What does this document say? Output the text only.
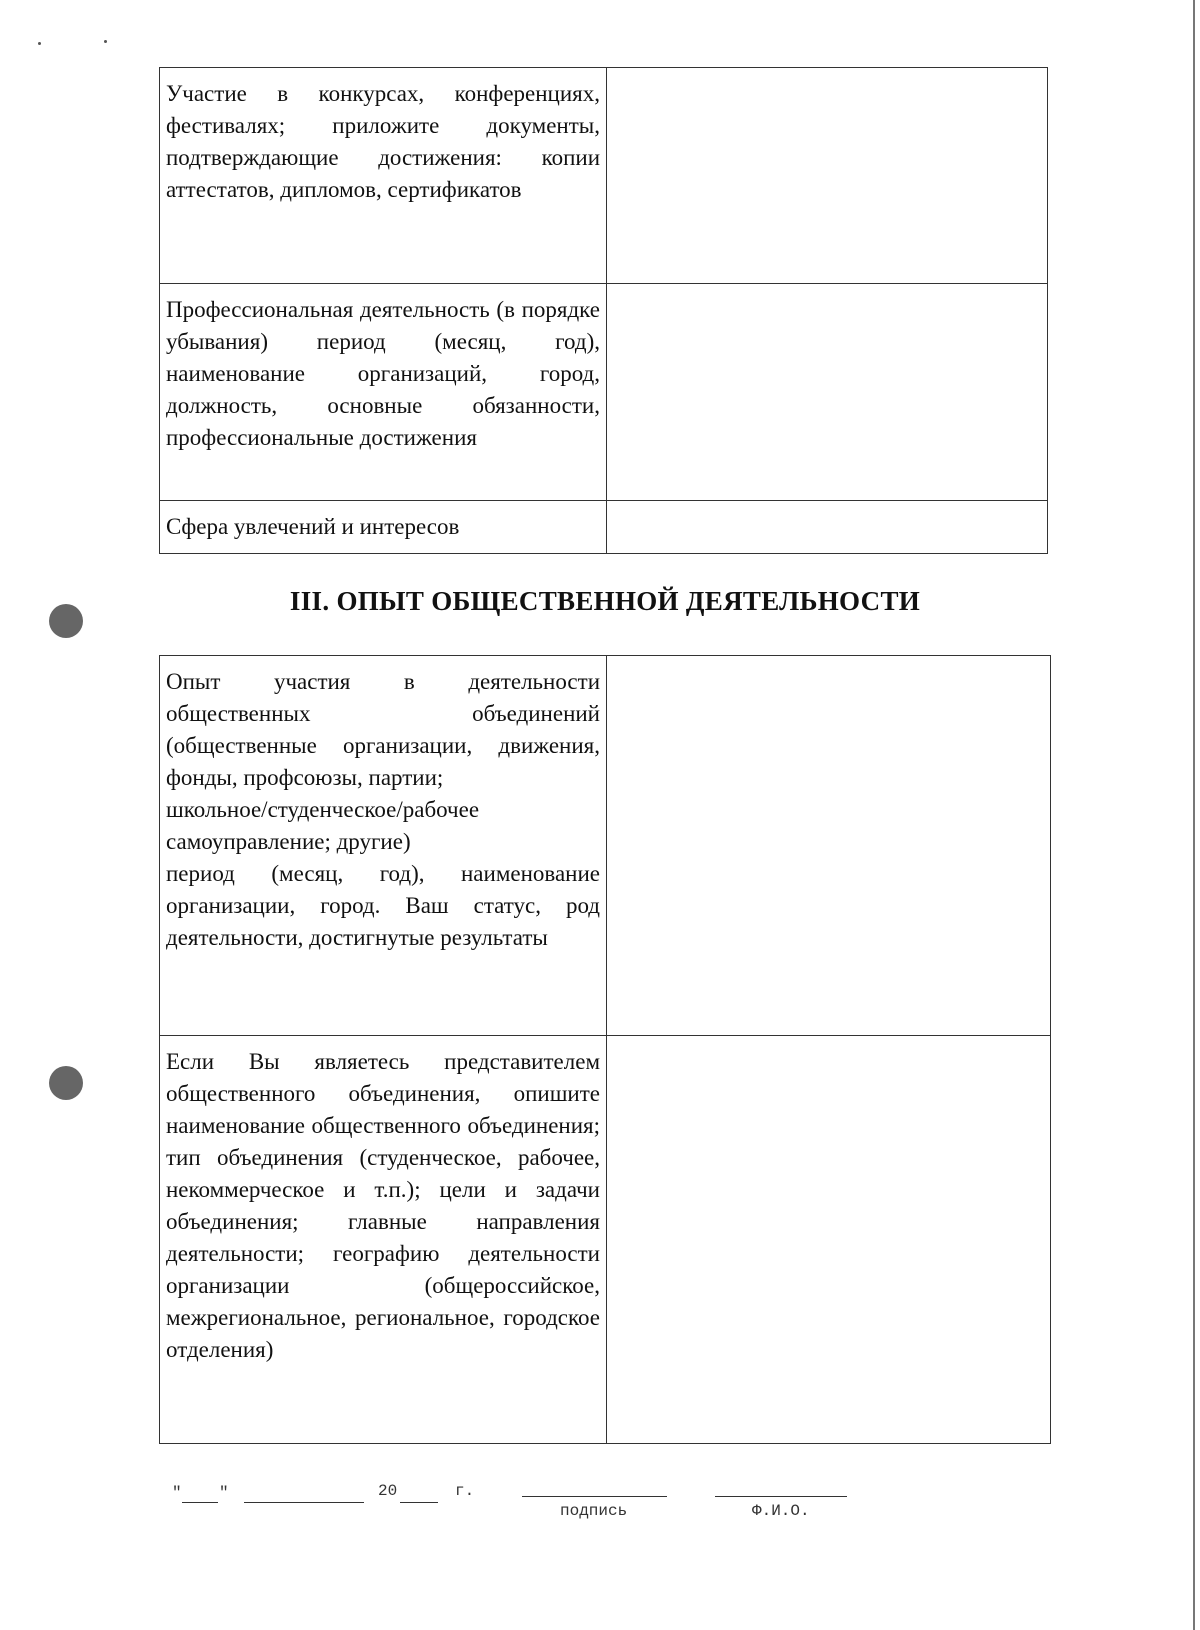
Участие в конкурсах, конференциях, фестивалях; приложите документы, подтверждающие достижения: копии аттестатов, дипломов, сертификатов	

Профессиональная деятельность (в порядке убывания) период (месяц, год), наименование организаций, город, должность, основные обязанности, профессиональные достижения	

Сфера увлечений и интересов	

III. ОПЫТ ОБЩЕСТВЕННОЙ ДЕЯТЕЛЬНОСТИ
Опыт участия в деятельности общественных объединений (общественные организации, движения, фонды, профсоюзы, партии;
школьное/студенческое/рабочее самоуправление; другие)
период (месяц, год), наименование организации, город. Ваш статус, род деятельности, достигнутые результаты	

Если Вы являетесь представителем общественного объединения, опишите наименование общественного объединения; тип объединения (студенческое, рабочее, некоммерческое и т.п.); цели и задачи объединения; главные направления деятельности; географию деятельности организации (общероссийское, межрегиональное, региональное, городское отделения)	

" "	20	г.
подпись	Ф.И.О.
